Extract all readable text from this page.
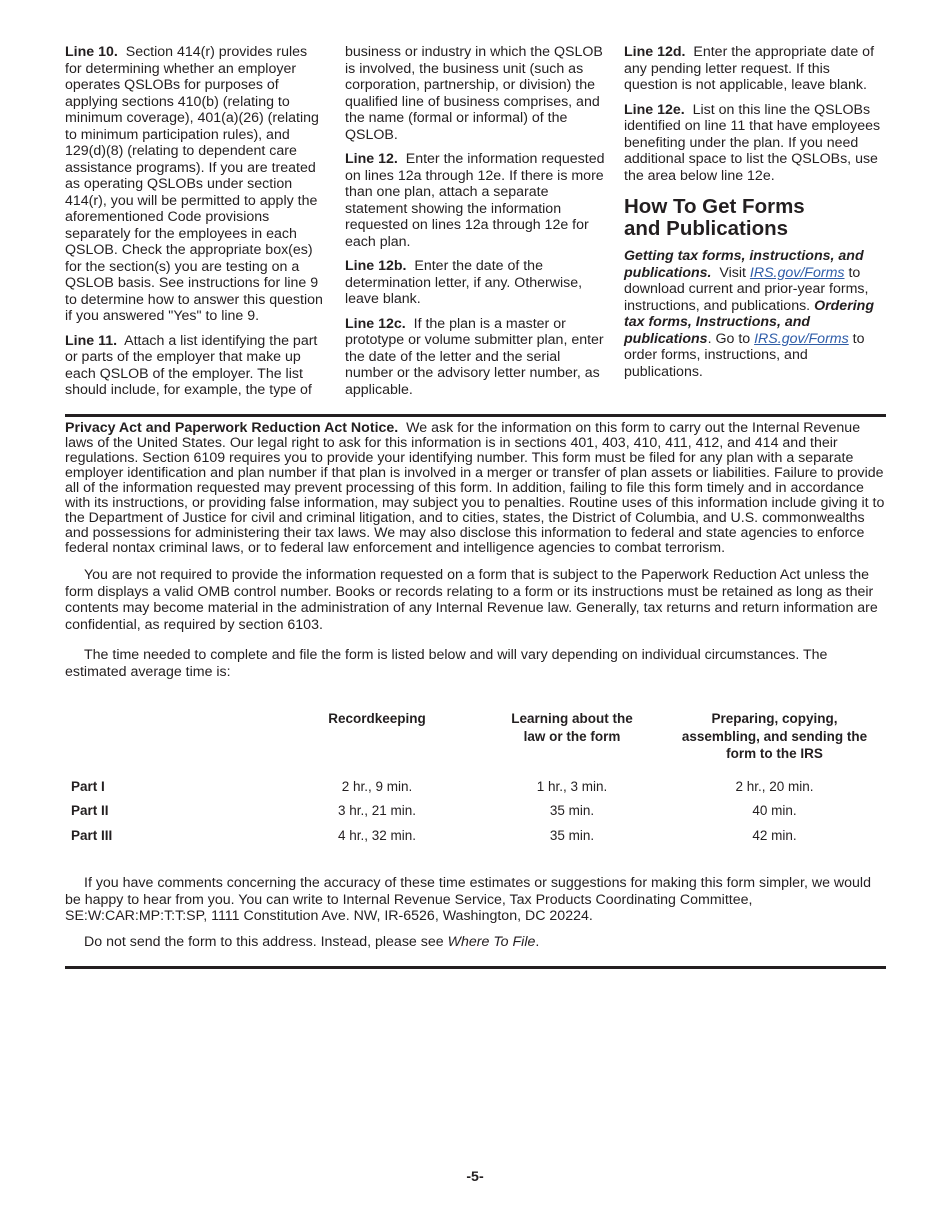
Line 10. Section 414(r) provides rules for determining whether an employer operates QSLOBs for purposes of applying sections 410(b) (relating to minimum coverage), 401(a)(26) (relating to minimum participation rules), and 129(d)(8) (relating to dependent care assistance programs). If you are treated as operating QSLOBs under section 414(r), you will be permitted to apply the aforementioned Code provisions separately for the employees in each QSLOB. Check the appropriate box(es) for the section(s) you are testing on a QSLOB basis. See instructions for line 9 to determine how to answer this question if you answered "Yes" to line 9.

Line 11. Attach a list identifying the part or parts of the employer that make up each QSLOB of the employer. The list should include, for example, the type of

business or industry in which the QSLOB is involved, the business unit (such as corporation, partnership, or division) the qualified line of business comprises, and the name (formal or informal) of the QSLOB.

Line 12. Enter the information requested on lines 12a through 12e. If there is more than one plan, attach a separate statement showing the information requested on lines 12a through 12e for each plan.

Line 12b. Enter the date of the determination letter, if any. Otherwise, leave blank.

Line 12c. If the plan is a master or prototype or volume submitter plan, enter the date of the letter and the serial number or the advisory letter number, as applicable.

Line 12d. Enter the appropriate date of any pending letter request. If this question is not applicable, leave blank.

Line 12e. List on this line the QSLOBs identified on line 11 that have employees benefiting under the plan. If you need additional space to list the QSLOBs, use the area below line 12e.

How To Get Forms
and Publications

Getting tax forms, instructions, and publications. Visit IRS.gov/Forms to download current and prior-year forms, instructions, and publications. Ordering tax forms, Instructions, and publications. Go to IRS.gov/Forms to order forms, instructions, and publications.

Privacy Act and Paperwork Reduction Act Notice. We ask for the information on this form to carry out the Internal Revenue laws of the United States. Our legal right to ask for this information is in sections 401, 403, 410, 411, 412, and 414 and their regulations. Section 6109 requires you to provide your identifying number. This form must be filed for any plan with a separate employer identification and plan number if that plan is involved in a merger or transfer of plan assets or liabilities. Failure to provide all of the information requested may prevent processing of this form. In addition, failing to file this form timely and in accordance with its instructions, or providing false information, may subject you to penalties. Routine uses of this information include giving it to the Department of Justice for civil and criminal litigation, and to cities, states, the District of Columbia, and U.S. commonwealths and possessions for administering their tax laws. We may also disclose this information to federal and state agencies to enforce federal nontax criminal laws, or to federal law enforcement and intelligence agencies to combat terrorism.

You are not required to provide the information requested on a form that is subject to the Paperwork Reduction Act unless the form displays a valid OMB control number. Books or records relating to a form or its instructions must be retained as long as their contents may become material in the administration of any Internal Revenue law. Generally, tax returns and return information are confidential, as required by section 6103.

The time needed to complete and file the form is listed below and will vary depending on individual circumstances. The estimated average time is:

	Recordkeeping	Learning about the law or the form	Preparing, copying, assembling, and sending the form to the IRS
Part I	2 hr., 9 min.	1 hr., 3 min.	2 hr., 20 min.
Part II	3 hr., 21 min.	35 min.	40 min.
Part III	4 hr., 32 min.	35 min.	42 min.

If you have comments concerning the accuracy of these time estimates or suggestions for making this form simpler, we would be happy to hear from you. You can write to Internal Revenue Service, Tax Products Coordinating Committee, SE:W:CAR:MP:T:T:SP, 1111 Constitution Ave. NW, IR-6526, Washington, DC 20224.

Do not send the form to this address. Instead, please see Where To File.

-5-
